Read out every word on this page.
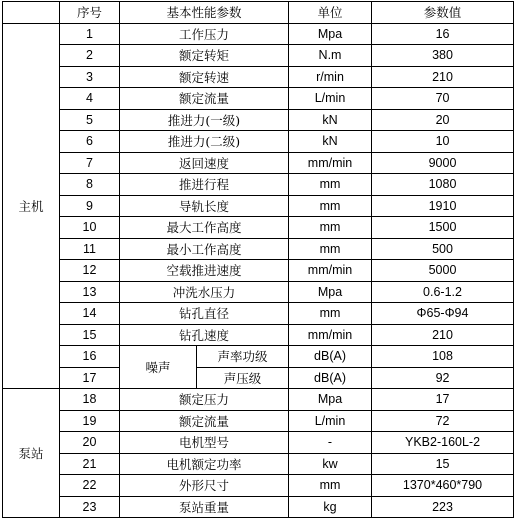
	序号	基本性能参数		单位	参数值
主机	1	工作压力		Mpa	16
	2	额定转矩		N.m	380
	3	额定转速		r/min	210
	4	额定流量		L/min	70
	5	推进力(一级)		kN	20
	6	推进力(二级)		kN	10
	7	返回速度		mm/min	9000
	8	推进行程		mm	1080
	9	导轨长度		mm	1910
	10	最大工作高度		mm	1500
	11	最小工作高度		mm	500
	12	空载推进速度		mm/min	5000
	13	冲洗水压力		Mpa	0.6-1.2
	14	钻孔直径		mm	Φ65-Φ94
	15	钻孔速度		mm/min	210
	16	噪声	声率功级	dB(A)	108
	17		声压级	dB(A)	92
泵站	18	额定压力		Mpa	17
	19	额定流量		L/min	72
	20	电机型号		-	YKB2-160L-2
	21	电机额定功率		kw	15
	22	外形尺寸		mm	1370*460*790
	23	泵站重量		kg	223
